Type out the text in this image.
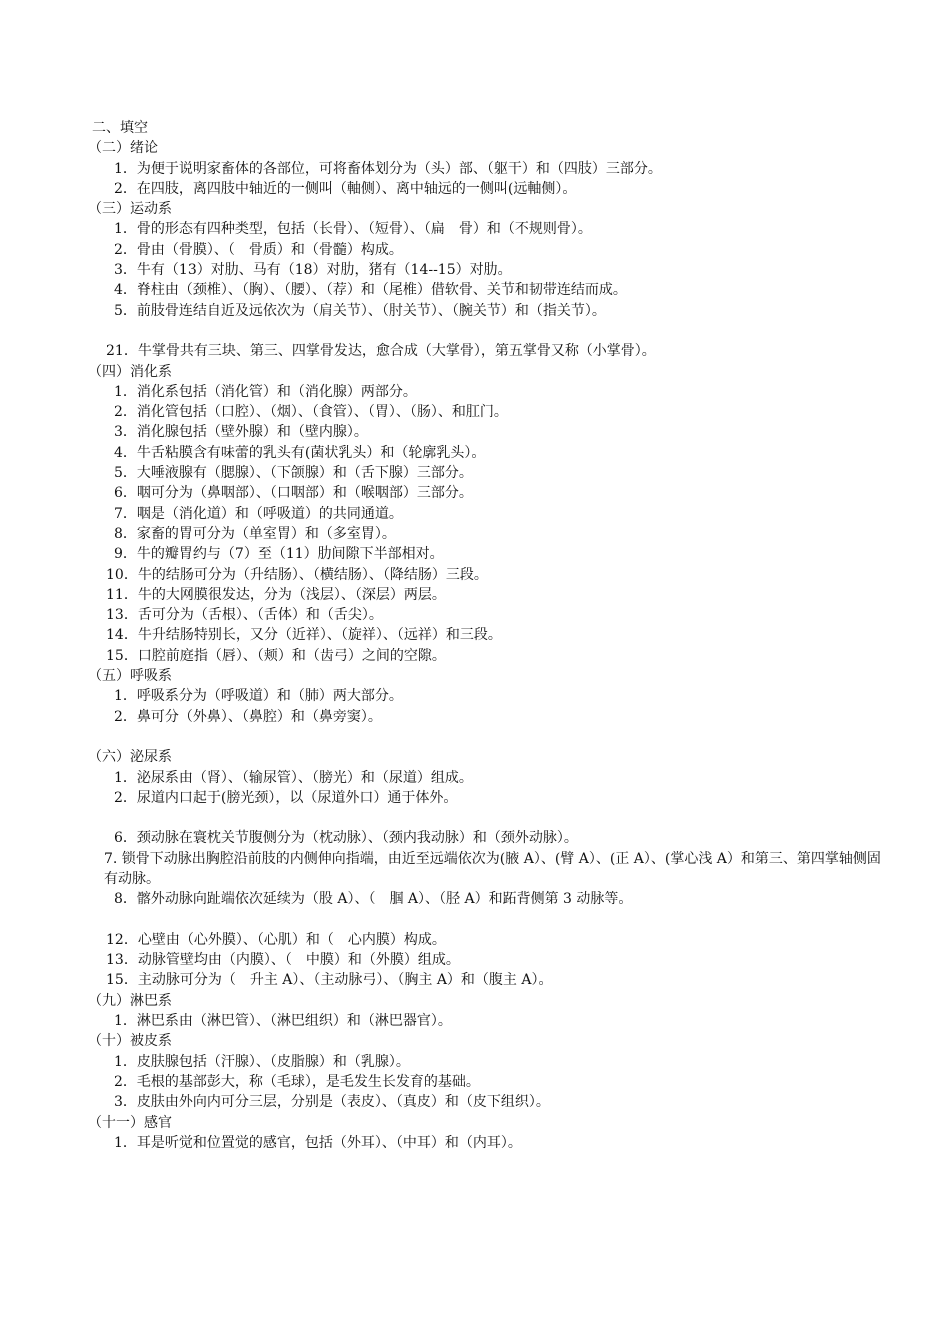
二、填空
（二）绪论
1．为便于说明家畜体的各部位，可将畜体划分为（头）部、（躯干）和（四肢）三部分。
2．在四肢，离四肢中轴近的一侧叫（軸侧）、离中轴远的一侧叫(远軸侧）。
（三）运动系
1．骨的形态有四种类型，包括（长骨）、（短骨）、（扁　骨）和（不规则骨）。
2．骨由（骨膜）、（　骨质）和（骨髓）构成。
3．牛有（13）对肋、马有（18）对肋，猪有（14--15）对肋。
4．脊柱由（颈椎）、（胸）、（腰）、（荐）和（尾椎）借软骨、关节和韧带连结而成。
5．前肢骨连结自近及远依次为（肩关节）、（肘关节）、（腕关节）和（指关节）。
21．牛掌骨共有三块、第三、四掌骨发达，愈合成（大掌骨），第五掌骨又称（小掌骨）。
（四）消化系
1．消化系包括（消化管）和（消化腺）两部分。
2．消化管包括（口腔）、（烟）、（食管）、（胃）、（肠）、和肛门。
3．消化腺包括（壁外腺）和（壁内腺）。
4．牛舌粘膜含有味蕾的乳头有(菌状乳头）和（轮廓乳头）。
5．大唾液腺有（腮腺）、（下颌腺）和（舌下腺）三部分。
6．咽可分为（鼻咽部）、（口咽部）和（喉咽部）三部分。
7．咽是（消化道）和（呼吸道）的共同通道。
8．家畜的胃可分为（单室胃）和（多室胃）。
9．牛的瓣胃约与（7）至（11）肋间隙下半部相对。
10．牛的结肠可分为（升结肠）、（横结肠）、（降结肠）三段。
11．牛的大网膜很发达，分为（浅层）、（深层）两层。
13．舌可分为（舌根）、（舌体）和（舌尖）。
14．牛升结肠特别长，又分（近祥）、（旋祥）、（远祥）和三段。
15．口腔前庭指（唇）、（颊）和（齿弓）之间的空隙。
（五）呼吸系
1．呼吸系分为（呼吸道）和（肺）两大部分。
2．鼻可分（外鼻）、（鼻腔）和（鼻旁窦）。
（六）泌尿系
1．泌尿系由（肾）、（输尿管）、（膀光）和（尿道）组成。
2．尿道内口起于(膀光颈），以（尿道外口）通于体外。
6．颈动脉在寰枕关节腹侧分为（枕动脉）、（颈内我动脉）和（颈外动脉）。
7. 锁骨下动脉出胸腔沿前肢的内侧伸向指端，由近至远端依次为(腋 A）、(臂 A）、(正 A）、(掌心浅 A）和第三、第四掌轴侧固有动脉。
8．髂外动脉向趾端依次延续为（股 A）、（　腘 A）、（胫 A）和跖背侧第 3 动脉等。
12．心壁由（心外膜）、（心肌）和（　心内膜）构成。
13．动脉管壁均由（内膜）、（　中膜）和（外膜）组成。
15．主动脉可分为（　升主 A）、（主动脉弓）、（胸主 A）和（腹主 A）。
（九）淋巴系
1．淋巴系由（淋巴管）、（淋巴组织）和（淋巴器官）。
（十）被皮系
1．皮肤腺包括（汗腺）、（皮脂腺）和（乳腺）。
2．毛根的基部彭大，称（毛球），是毛发生长发育的基础。
3．皮肤由外向内可分三层，分别是（表皮）、（真皮）和（皮下组织）。
（十一）感官
1．耳是听觉和位置觉的感官，包括（外耳）、（中耳）和（内耳）。
